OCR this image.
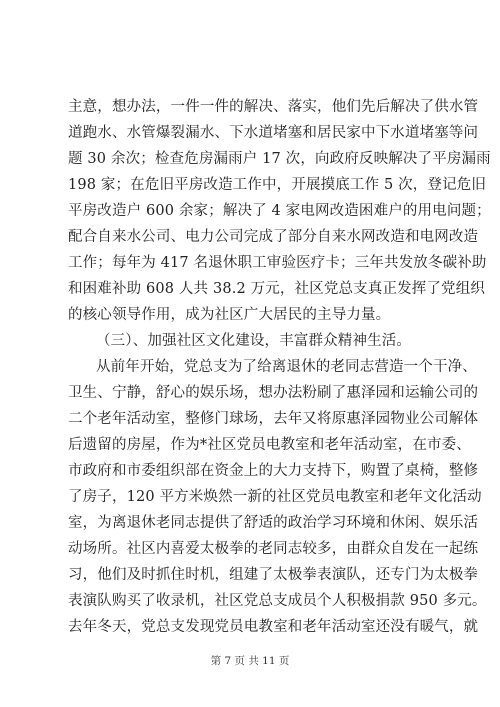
主意，想办法，一件一件的解决、落实，他们先后解决了供水管
道跑水、水管爆裂漏水、下水道堵塞和居民家中下水道堵塞等问
题 30 余次；检查危房漏雨户 17 次，向政府反映解决了平房漏雨
198 家；在危旧平房改造工作中，开展摸底工作 5 次，登记危旧
平房改造户 600 余家；解决了 4 家电网改造困难户的用电问题；
配合自来水公司、电力公司完成了部分自来水网改造和电网改造
工作；每年为 417 名退休职工审验医疗卡；三年共发放冬碳补助
和困难补助 608 人共 38.2 万元，社区党总支真正发挥了党组织
的核心领导作用，成为社区广大居民的主导力量。
（三）、加强社区文化建设，丰富群众精神生活。
从前年开始，党总支为了给离退休的老同志营造一个干净、
卫生、宁静，舒心的娱乐场，想办法粉刷了惠泽园和运输公司的
二个老年活动室，整修门球场，去年又将原惠泽园物业公司解体
后遗留的房屋，作为*社区党员电教室和老年活动室，在市委、
市政府和市委组织部在资金上的大力支持下，购置了桌椅，整修
了房子，120 平方米焕然一新的社区党员电教室和老年文化活动
室，为离退休老同志提供了舒适的政治学习环境和休闲、娱乐活
动场所。社区内喜爱太极拳的老同志较多，由群众自发在一起练
习，他们及时抓住时机，组建了太极拳表演队，还专门为太极拳
表演队购买了收录机，社区党总支成员个人积极捐款 950 多元。
去年冬天，党总支发现党员电教室和老年活动室还没有暖气，就
第 7 页 共 11 页
